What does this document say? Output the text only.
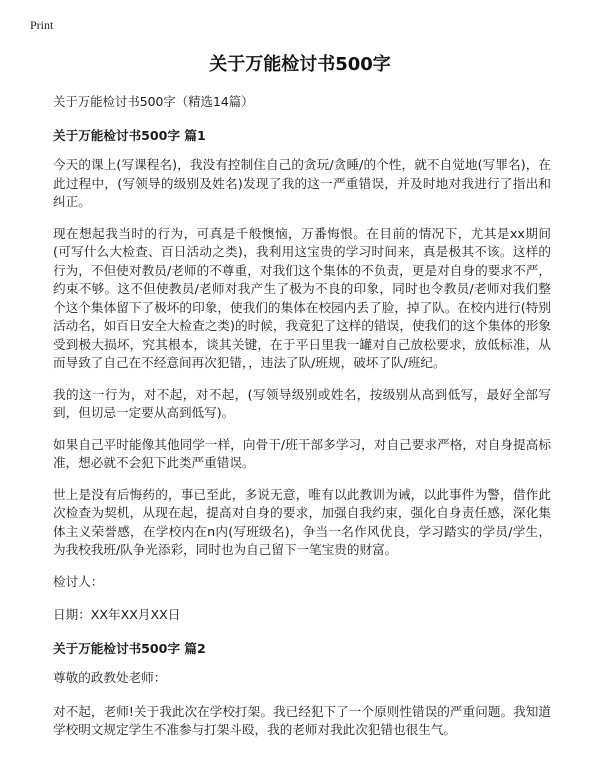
Print
关于万能检讨书500字
关于万能检讨书500字（精选14篇）
关于万能检讨书500字 篇1

今天的课上(写课程名)，我没有控制住自己的贪玩/贪睡/的个性，就不自觉地(写罪名)，在此过程中，(写领导的级别及姓名)发现了我的这一严重错误，并及时地对我进行了指出和纠正。

现在想起我当时的行为，可真是千般懊恼，万番悔恨。在目前的情况下，尤其是xx期间(可写什么大检查、百日活动之类)，我利用这宝贵的学习时间来，真是极其不该。这样的行为，不但使对教员/老师的不尊重，对我们这个集体的不负责，更是对自身的要求不严，约束不够。这不但使教员/老师对我产生了极为不良的印象，同时也令教员/老师对我们整个这个集体留下了极坏的印象，使我们的集体在校园内丢了脸，掉了队。在校内进行(特别活动名，如百日安全大检查之类)的时候，我竟犯了这样的错误，使我们的这个集体的形象受到极大损坏，究其根本，谈其关键，在于平日里我一罐对自己放松要求，放低标准，从而导致了自己在不经意间再次犯错，，违法了队/班规，破坏了队/班纪。

我的这一行为，对不起，对不起，(写领导级别或姓名，按级别从高到低写，最好全部写到，但切忌一定要从高到低写)。

如果自己平时能像其他同学一样，向骨干/班干部多学习，对自己要求严格，对自身提高标准，想必就不会犯下此类严重错误。

世上是没有后悔药的，事已至此，多说无意，唯有以此教训为诫，以此事件为警，借作此次检查为契机，从现在起，提高对自身的要求，加强自我约束，强化自身责任感，深化集体主义荣誉感，在学校内在n内(写班级名)，争当一名作风优良，学习踏实的学员/学生，为我校我班/队争光添彩，同时也为自己留下一笔宝贵的财富。

检讨人：
日期：XX年XX月XX日
关于万能检讨书500字 篇2
尊敬的政教处老师：

对不起，老师!关于我此次在学校打架。我已经犯下了一个原则性错误的严重问题。我知道学校明文规定学生不准参与打架斗殴，我的老师对我此次犯错也很生气。
